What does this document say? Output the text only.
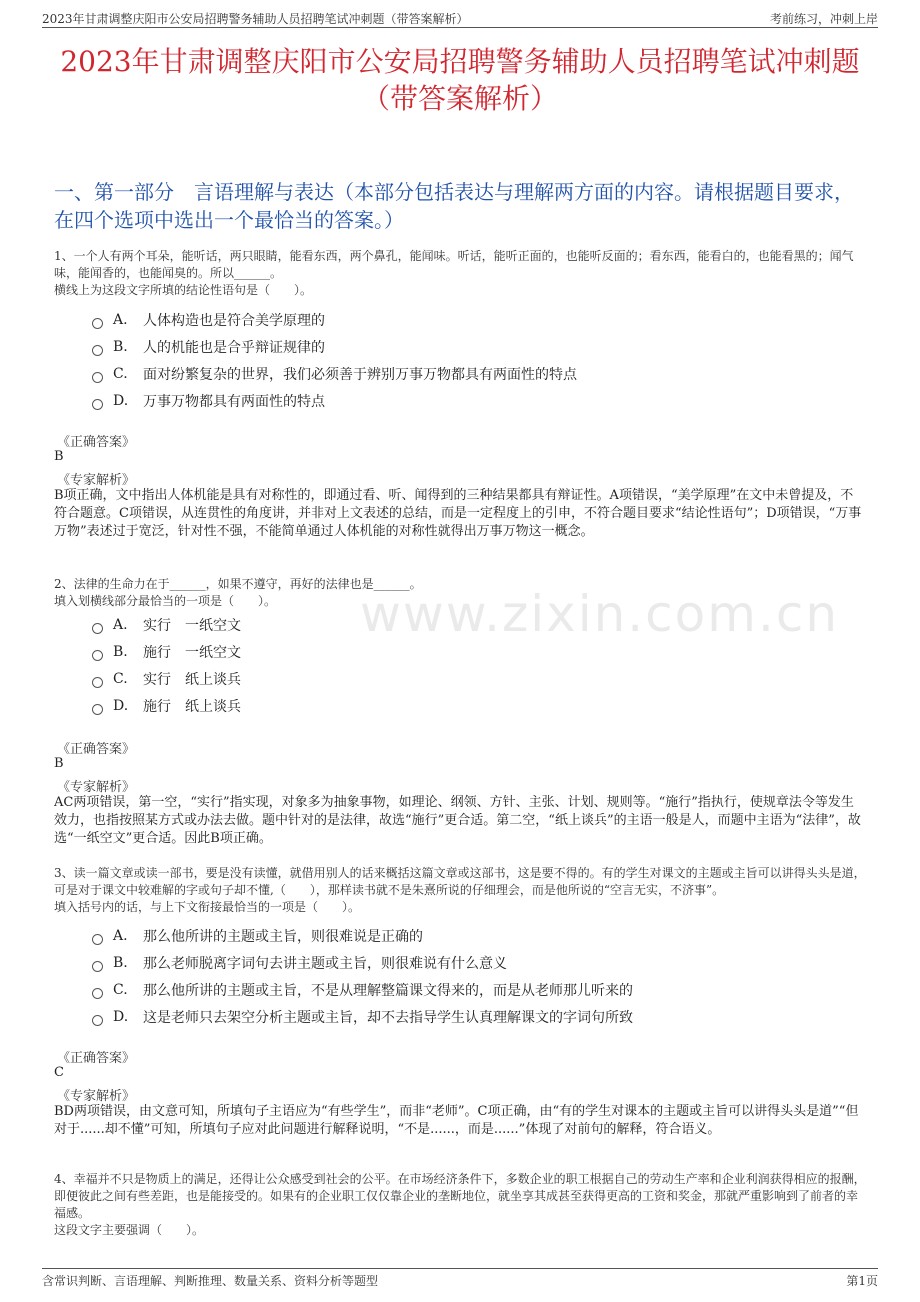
2023年甘肃调整庆阳市公安局招聘警务辅助人员招聘笔试冲刺题（带答案解析）	考前练习，冲刺上岸
2023年甘肃调整庆阳市公安局招聘警务辅助人员招聘笔试冲刺题（带答案解析）
一、第一部分　言语理解与表达（本部分包括表达与理解两方面的内容。请根据题目要求，在四个选项中选出一个最恰当的答案。）
www.zixin.com.cn

1、一个人有两个耳朵，能听话，两只眼睛，能看东西，两个鼻孔，能闻味。听话，能听正面的，也能听反面的；看东西，能看白的，也能看黑的；闻气味，能闻香的，也能闻臭的。所以______。

横线上为这段文字所填的结论性语句是（　　）。

A.	人体构造也是符合美学原理的
B.	人的机能也是合乎辩证规律的
C.	面对纷繁复杂的世界，我们必须善于辨别万事万物都具有两面性的特点
D.	万事万物都具有两面性的特点
《正确答案》
B
《专家解析》
B项正确，文中指出人体机能是具有对称性的，即通过看、听、闻得到的三种结果都具有辩证性。A项错误，“美学原理”在文中未曾提及，不符合题意。C项错误，从连贯性的角度讲，并非对上文表述的总结，而是一定程度上的引申，不符合题目要求“结论性语句”；D项错误，“万事万物”表述过于宽泛，针对性不强，不能简单通过人体机能的对称性就得出万事万物这一概念。

2、法律的生命力在于______，如果不遵守，再好的法律也是______。

填入划横线部分最恰当的一项是（　　）。

A.	实行　一纸空文
B.	施行　一纸空文
C.	实行　纸上谈兵
D.	施行　纸上谈兵
《正确答案》
B
《专家解析》
AC两项错误，第一空，“实行”指实现，对象多为抽象事物，如理论、纲领、方针、主张、计划、规则等。“施行”指执行，使规章法令等发生效力，也指按照某方式或办法去做。题中针对的是法律，故选“施行”更合适。第二空，“纸上谈兵”的主语一般是人，而题中主语为“法律”，故选“一纸空文”更合适。因此B项正确。

3、读一篇文章或读一部书，要是没有读懂，就借用别人的话来概括这篇文章或这部书，这是要不得的。有的学生对课文的主题或主旨可以讲得头头是道，可是对于课文中较难解的字或句子却不懂,（　　），那样读书就不是朱熹所说的仔细理会，而是他所说的“空言无实，不济事”。

填入括号内的话，与上下文衔接最恰当的一项是（　　）。

A.	那么他所讲的主题或主旨，则很难说是正确的
B.	那么老师脱离字词句去讲主题或主旨，则很难说有什么意义
C.	那么他所讲的主题或主旨，不是从理解整篇课文得来的，而是从老师那儿听来的
D.	这是老师只去架空分析主题或主旨，却不去指导学生认真理解课文的字词句所致
《正确答案》
C
《专家解析》
BD两项错误，由文意可知，所填句子主语应为“有些学生”，而非“老师”。C项正确，由“有的学生对课本的主题或主旨可以讲得头头是道”“但对于......却不懂”可知，所填句子应对此问题进行解释说明，“不是......，而是......”体现了对前句的解释，符合语义。

4、幸福并不只是物质上的满足，还得让公众感受到社会的公平。在市场经济条件下，多数企业的职工根据自己的劳动生产率和企业利润获得相应的报酬，即便彼此之间有些差距，也是能接受的。如果有的企业职工仅仅靠企业的垄断地位，就坐享其成甚至获得更高的工资和奖金，那就严重影响到了前者的幸福感。

这段文字主要强调（　　）。

含常识判断、言语理解、判断推理、数量关系、资料分析等题型	第1页
